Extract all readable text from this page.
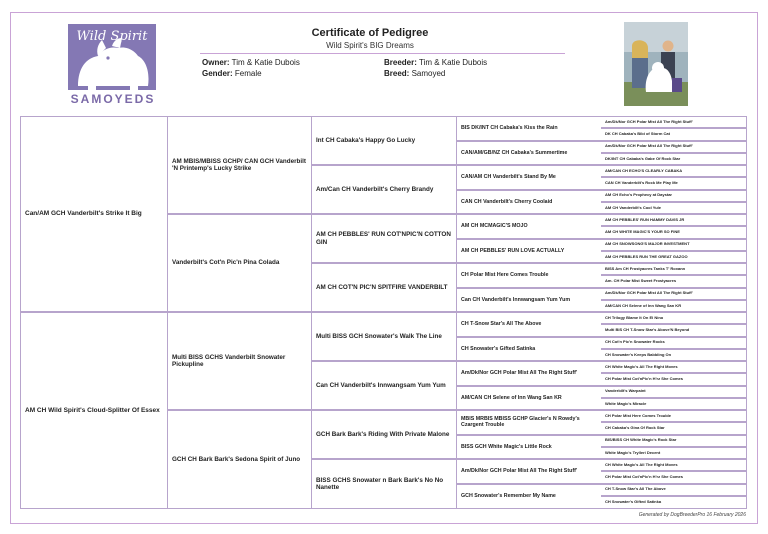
Wild Spirit
SAMOYEDS
Certificate of Pedigree
Wild Spirit's BIG Dreams
Owner: Tim & Katie Dubois
Gender: Female
Breeder: Tim & Katie Dubois
Breed: Samoyed
Can/AM GCH Vanderbilt's Strike It Big
AM CH Wild Spirit's Cloud-Splitter Of Essex
AM MBIS/MBISS GCHP/ CAN GCH Vanderbilt 'N Printemp's Lucky Strike
Vanderbilt's Cot'n Pic'n Pina Colada
Multi BISS GCHS Vanderbilt Snowater Pickupline
GCH CH Bark Bark's Sedona Spirit of Juno
Int CH Cabaka's Happy Go Lucky
Am/Can CH Vanderbilt's Cherry Brandy
AM CH PEBBLES' RUN COT'NPIC'N COTTON GIN
AM CH COT'N PIC'N SPITFIRE VANDERBILT
Multi BISS GCH Snowater's Walk The Line
Can CH Vanderbilt's Innwangsam Yum Yum
GCH Bark Bark's Riding With Private Malone
BISS GCHS Snowater n Bark Bark's No No Nanette
BIS DK/INT CH Cabaka's Kiss the Rain
CAN/AM/GB/NZ CH Cabaka's Summertime
CAN/AM CH Vanderbilt's Stand By Me
CAN CH Vanderbilt's Cherry Coolaid
AM CH MCMAGIC'S MOJO
AM CH PEBBLES' RUN LOVE ACTUALLY
CH Polar Mist Here Comes Trouble
Can CH Vanderbilt's Innwangsam Yum Yum
CH T-Snow Star's All The Above
CH Snowater's Gifted Satinka
Am/Dk/Nor GCH Polar Mist All The Right Stuff'
AM/CAN CH Selene of Inn Wang San KR
MBIS MRBIS MBISS GCHP Glacier's N Rowdy's Czargent Trouble
BISS GCH White Magic's Little Rock
Am/Dk/Nor GCH Polar Mist All The Right Stuff'
GCH Snowater's Remember My Name
Am/Dk/Nor GCH Polar Mist All The Right Stuff'
DK CH Cabaka's Bibi of Storm Cat
Am/Dk/Nor GCH Polar Mist All The Right Stuff'
DK/INT CH Cabaka's Gabe Of Rock Star
AM/CAN CH ECHO'S CLEARLY CABAKA
CAN CH Vanderbilt's Rock Me Play Me
AM CH Echo's Prophecy at Daystar
AM CH Vanderbilt's Cool Yule
AM CH PEBBLES' RUN HAMMY DAVIS JR
AM CH WHITE MAGIC'S YOUR SO FINE
AM CH SNOWSONG'S MAJOR INVESTMENT
AM CH PEBBLES RUN THE GREAT GAZOO
BISS Am CH Frostyacres Tanks T' Roxann
Am. CH Polar Mist Sweet Frostyacres
Am/Dk/Nor GCH Polar Mist All The Right Stuff'
AM/CAN CH Selene of Inn Wang San KR
CH Trilogy Blame It On El Nino
Multi BIS CH T-Snow Star's Above'N Beyond
CH Cot'n Pic'n Snowater Rocks
CH Snowater's Keeps Babbling On
CH White Magic's All The Right Moves
CH Polar Mist Cot'nPic'n H'rz She Comes
Vanderbilt's Warpaint
White Magic's Miracle
CH Polar Mist Here Comes Trouble
CH Cabaka's Gina Of Rock Star
BIS/BISS CH White Magic's Rock Star
White Magic's Trylleri Decent
CH White Magic's All The Right Moves
CH Polar Mist Cot'nPic'n H'rz She Comes
CH T-Snow Star's All The Above
CH Snowater's Gifted Satinka
Generated by DogBreederPro 16 February 2026
